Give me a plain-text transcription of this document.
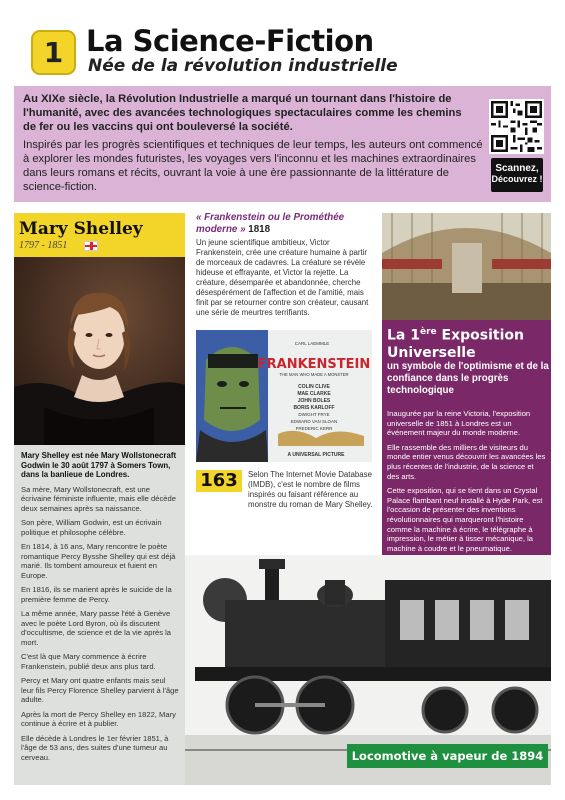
1 La Science-Fiction
Née de la révolution industrielle
Au XIXe siècle, la Révolution Industrielle a marqué un tournant dans l'histoire de l'humanité, avec des avancées technologiques spectaculaires comme les chemins de fer ou les vaccins qui ont bouleversé la société.
Inspirés par les progrès scientifiques et techniques de leur temps, les auteurs ont commencé à explorer les mondes futuristes, les voyages vers l'inconnu et les machines extraordinaires dans leurs romans et récits, ouvrant la voie à une ère passionnante de la littérature de science-fiction.
Scannez,
Découvrez !
Mary Shelley
1797 - 1851

Mary Shelley est née Mary Wollstonecraft Godwin le 30 août 1797 à Somers Town, dans la banlieue de Londres.

Sa mère, Mary Wollstonecraft, est une écrivaine féministe influente, mais elle décède deux semaines après sa naissance.

Son père, William Godwin, est un écrivain politique et philosophe célèbre.

En 1814, à 16 ans, Mary rencontre le poète romantique Percy Bysshe Shelley qui est déjà marié. Ils tombent amoureux et fuient en Europe.

En 1816, ils se marient après le suicide de la première femme de Percy.

La même année, Mary passe l'été à Genève avec le poète Lord Byron, où ils discutent d'occultisme, de science et de la vie après la mort.

C'est là que Mary commence à écrire Frankenstein, publié deux ans plus tard.

Percy et Mary ont quatre enfants mais seul leur fils Percy Florence Shelley parvient à l'âge adulte.

Après la mort de Percy Shelley en 1822, Mary continue à écrire et à publier.

Elle décède à Londres le 1er février 1851, à l'âge de 53 ans, des suites d'une tumeur au cerveau.

« Frankenstein ou le Prométhée moderne » 1818
Un jeune scientifique ambitieux, Victor Frankenstein, crée une créature humaine à partir de morceaux de cadavres. La créature se révèle hideuse et effrayante, et Victor la rejette. La créature, désemparée et abandonnée, cherche désespérément de l'affection et de l'amitié, mais finit par se retourner contre son créateur, causant une série de meurtres terrifiants.
CARL LAEMMLE
FRANKENSTEIN
THE MAN WHO MADE A MONSTER
COLIN CLIVE
MAE CLARKE
JOHN BOLES
BORIS KARLOFF
DWIGHT FRYE
EDWARD VAN SLOAN
FREDERIC KERR
A UNIVERSAL PICTURE
163	Selon The Internet Movie Database (IMDB), c'est le nombre de films inspirés ou faisant référence au monstre du roman de Mary Shelley.
La 1ère Exposition Universelle
un symbole de l'optimisme et de la confiance dans le progrès technologique

Inaugurée par la reine Victoria, l'exposition universelle de 1851 à Londres est un événement majeur du monde moderne.

Elle rassemble des milliers de visiteurs du monde entier venus découvrir les avancées les plus récentes de l'industrie, de la science et des arts.

Cette exposition, qui se tient dans un Crystal Palace flambant neuf installé à Hyde Park, est l'occasion de présenter des inventions révolutionnaires qui marqueront l'histoire comme la machine à écrire, le télégraphe à impression, le métier à tisser mécanique, la machine à coudre et le pneumatique.

Locomotive à vapeur de 1894
